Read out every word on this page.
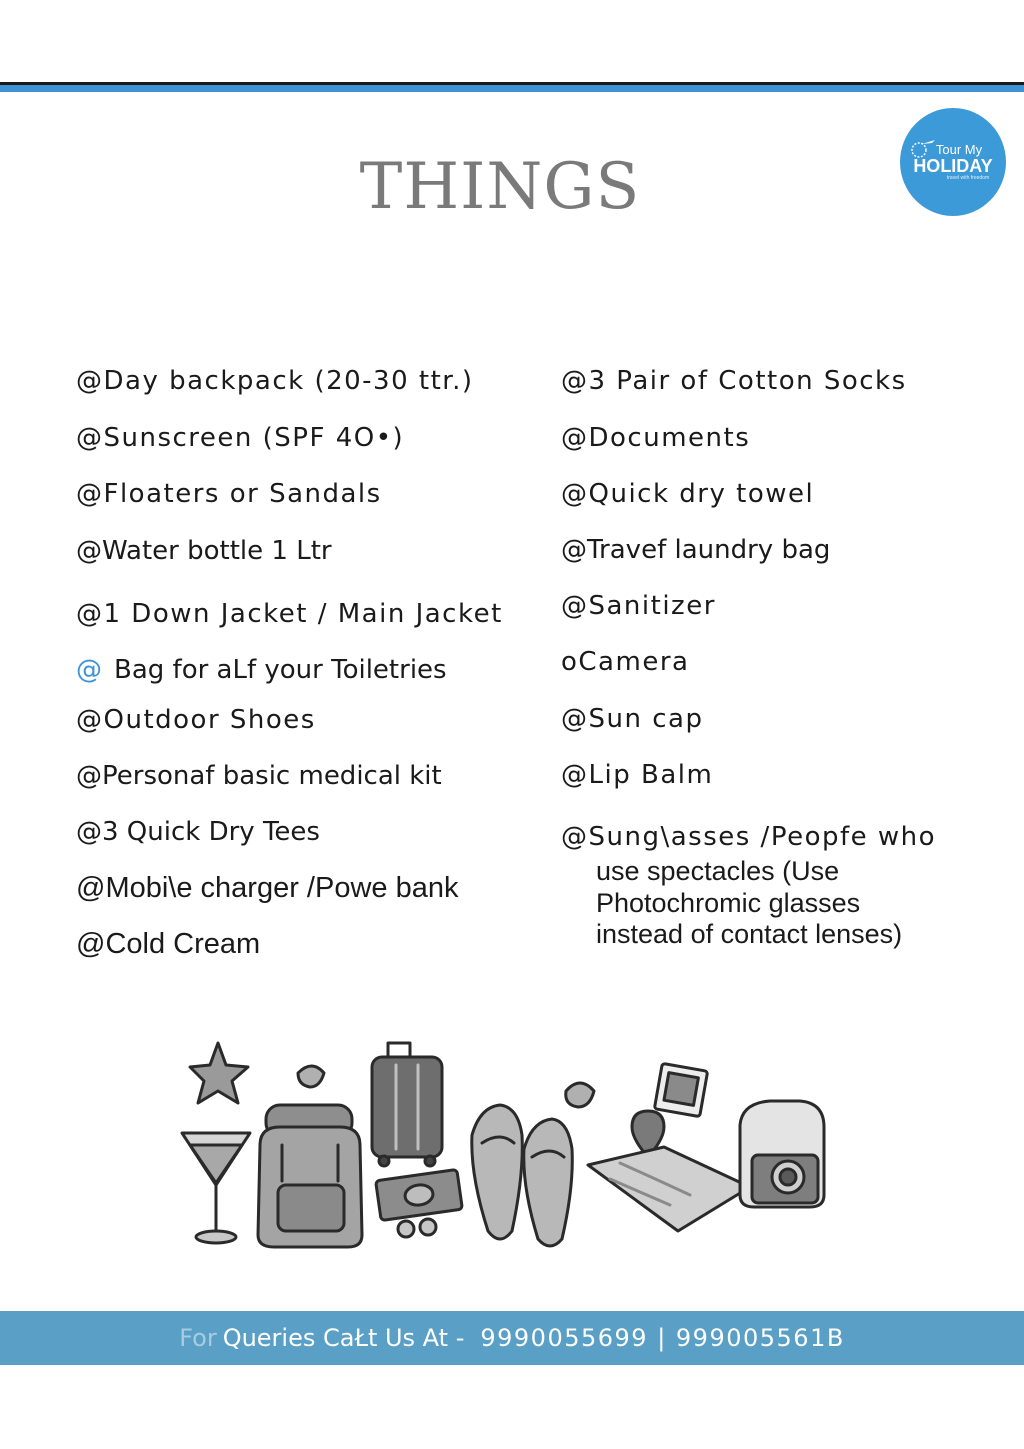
THINGS
Tour My
HOLIDAY
travel with freedom
@Day backpack (20-30 ttr.)
@Sunscreen (SPF 4O•)
@Floaters or Sandals
@Water bottle 1 Ltr
@1 Down Jacket / Main Jacket
@ Bag for aLf your Toiletries
@Outdoor Shoes
@Personaf basic medical kit
@3 Quick Dry Tees
@Mobi\e charger /Powe bank
@Cold Cream
@3 Pair of Cotton Socks
@Documents
@Quick dry towel
@Travef laundry bag
@Sanitizer
oCamera
@Sun cap
@Lip Balm
@Sung\asses /Peopfe who
use spectacles (Use
Photochromic glasses
instead of contact lenses)
For Queries CaŁt Us At - 9990055699 | 999005561B
